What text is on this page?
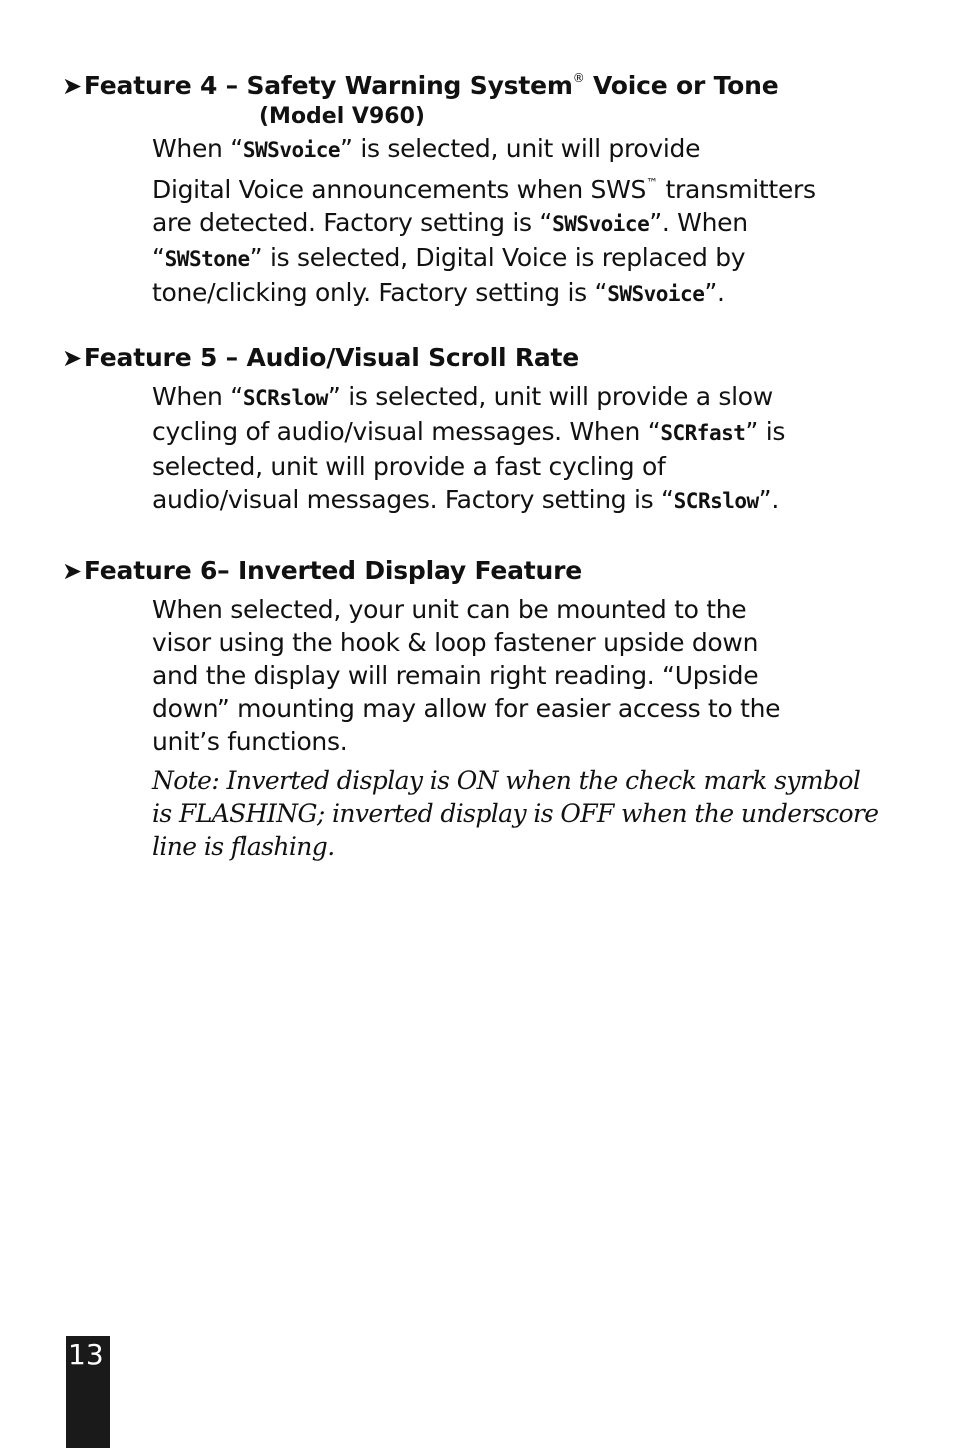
➤Feature 4 – Safety Warning System® Voice or Tone
(Model V960)

When “SWSvoice” is selected, unit will provide

Digital Voice announcements when SWS™ transmitters

are detected. Factory setting is “SWSvoice”. When

“SWStone” is selected, Digital Voice is replaced by

tone/clicking only. Factory setting is “SWSvoice”.

➤Feature 5 – Audio/Visual Scroll Rate

When “SCRslow” is selected, unit will provide a slow

cycling of audio/visual messages. When “SCRfast” is

selected, unit will provide a fast cycling of

audio/visual messages. Factory setting is “SCRslow”.

➤Feature 6– Inverted Display Feature

When selected, your unit can be mounted to the

visor using the hook & loop fastener upside down

and the display will remain right reading. “Upside

down” mounting may allow for easier access to the

unit’s functions.

Note: Inverted display is ON when the check mark symbol

is FLASHING; inverted display is OFF when the underscore

line is flashing.

13
